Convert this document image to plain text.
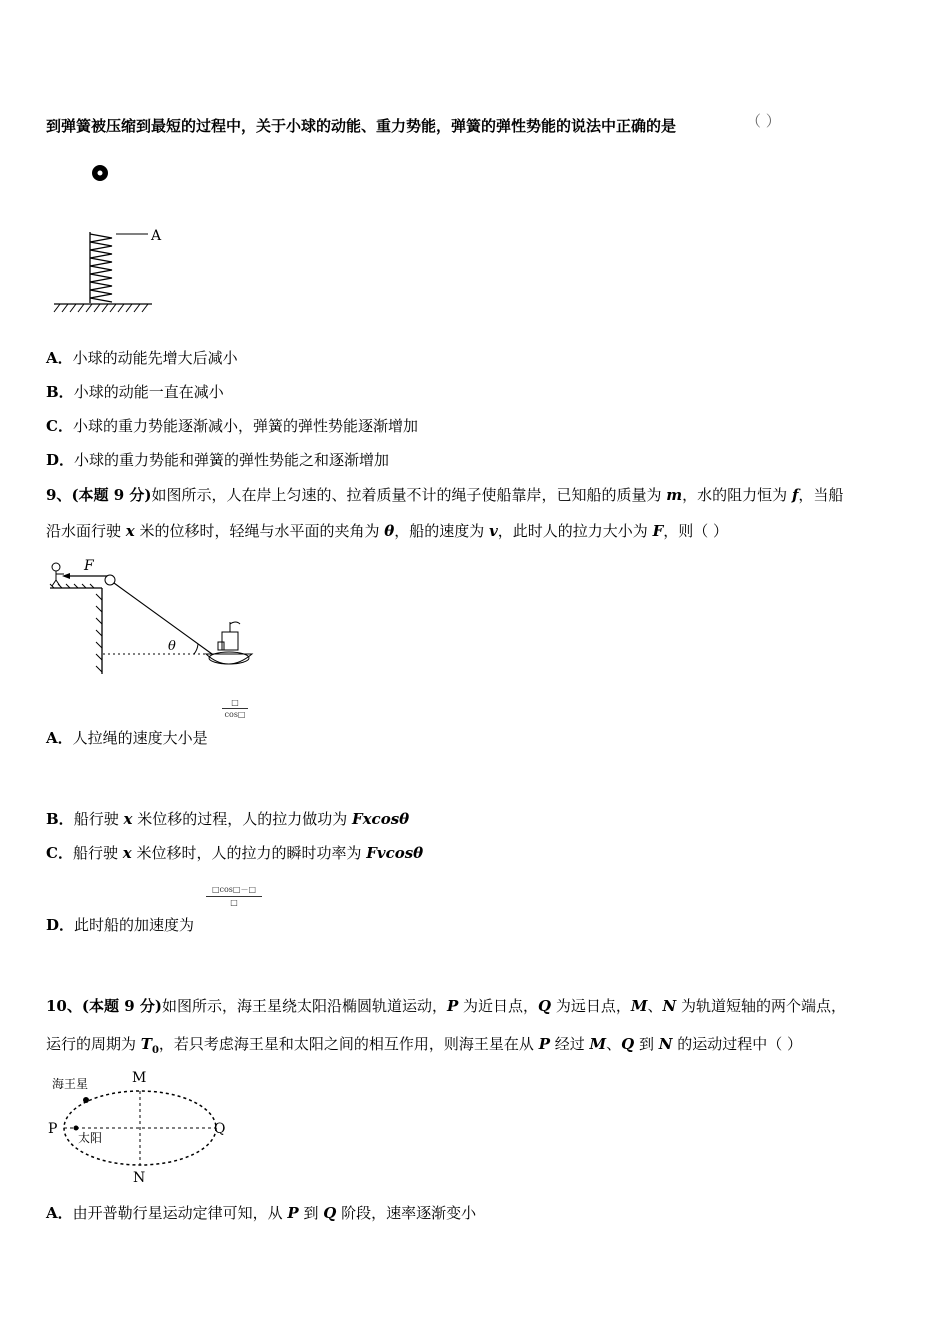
到弹簧被压缩到最短的过程中，关于小球的动能、重力势能，弹簧的弹性势能的说法中正确的是	（ ）
A
A．小球的动能先增大后减小
B．小球的动能一直在减小
C．小球的重力势能逐渐减小，弹簧的弹性势能逐渐增加
D．小球的重力势能和弹簧的弹性势能之和逐渐增加
9、(本题 9 分)如图所示，人在岸上匀速的、拉着质量不计的绳子使船靠岸，已知船的质量为 m，水的阻力恒为 f，当船
沿水面行驶 x 米的位移时，轻绳与水平面的夹角为 θ，船的速度为 v，此时人的拉力大小为 F，则（ ）
F
θ
□
cos□
A．人拉绳的速度大小是
B．船行驶 x 米位移的过程，人的拉力做功为 Fxcosθ
C．船行驶 x 米位移时，人的拉力的瞬时功率为 Fvcosθ
□cos□－□
□
D．此时船的加速度为
10、(本题 9 分)如图所示，海王星绕太阳沿椭圆轨道运动，P 为近日点，Q 为远日点，M、N 为轨道短轴的两个端点，
运行的周期为 $T_0$，若只考虑海王星和太阳之间的相互作用，则海王星在从 P 经过 M、Q 到 N 的运动过程中（ ）
海王星
太阳
M
N
P	Q
A．由开普勒行星运动定律可知，从 P 到 Q 阶段，速率逐渐变小
